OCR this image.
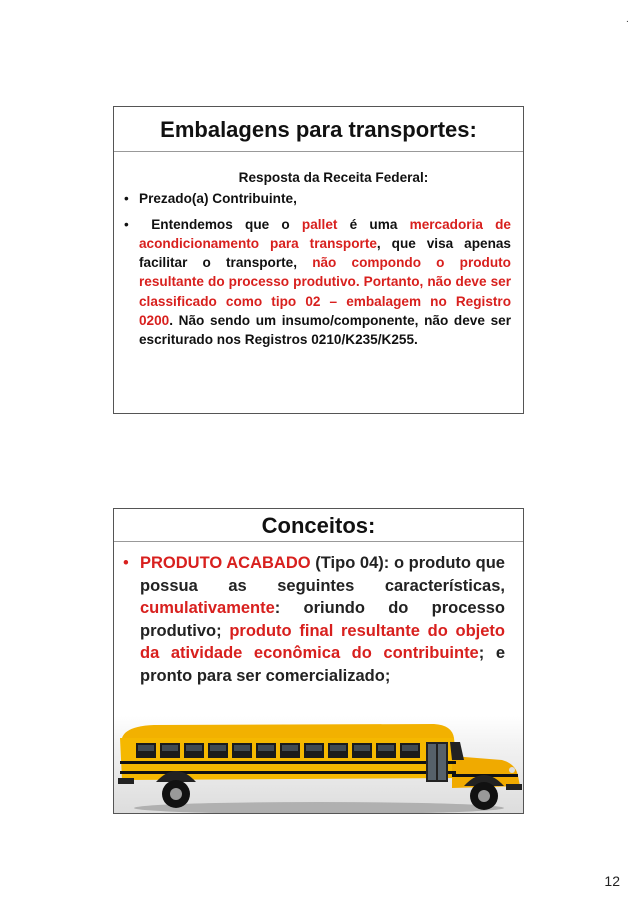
.
Embalagens para transportes:
Resposta da Receita Federal:
• Prezado(a) Contribuinte,
• Entendemos que o pallet é uma mercadoria de acondicionamento para transporte, que visa apenas facilitar o transporte, não compondo o produto resultante do processo produtivo. Portanto, não deve ser classificado como tipo 02 – embalagem no Registro 0200. Não sendo um insumo/componente, não deve ser escriturado nos Registros 0210/K235/K255.
Conceitos:
• PRODUTO ACABADO (Tipo 04): o produto que possua as seguintes características, cumulativamente: oriundo do processo produtivo; produto final resultante do objeto da atividade econômica do contribuinte; e pronto para ser comercializado;
12
